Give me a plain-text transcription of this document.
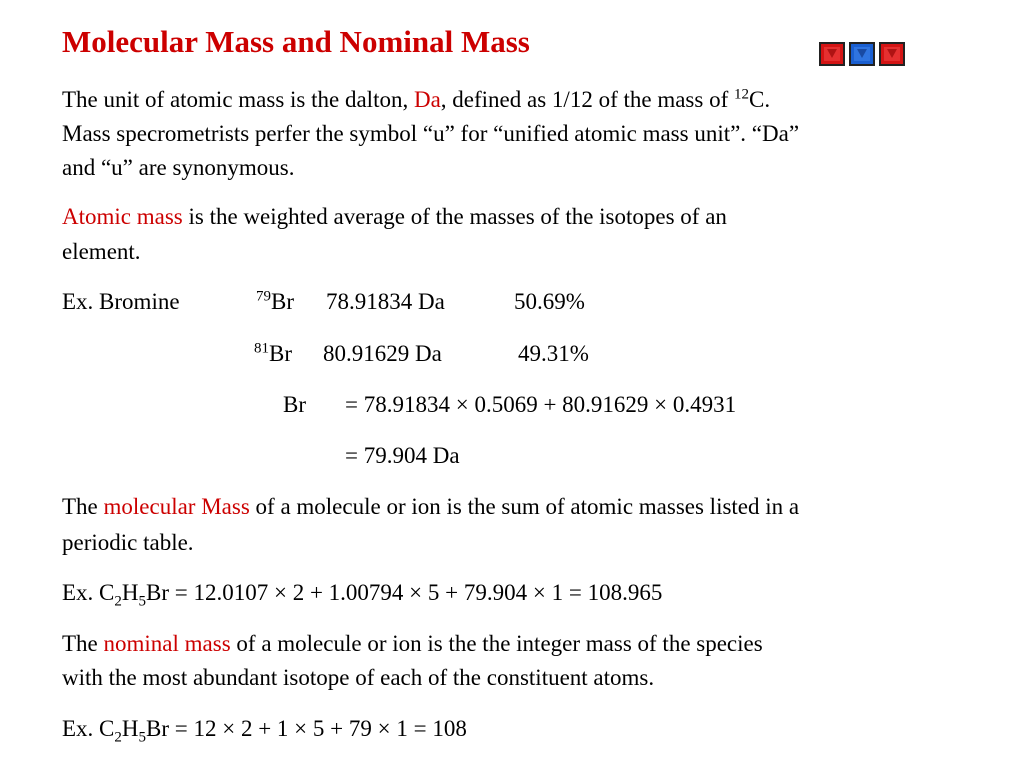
Molecular Mass and Nominal Mass
The unit of atomic mass is the dalton, Da, defined as 1/12 of the mass of $^{12}$C.
Mass specrometrists perfer the symbol “u” for “unified atomic mass unit”. “Da”
and “u” are synonymous.
Atomic mass is the weighted average of the masses of the isotopes of an
element.
Ex. Bromine	$^{79}$Br 78.91834 Da	50.69%
$^{81}$Br 80.91629 Da	49.31%
Br = 78.91834 × 0.5069 + 80.91629 × 0.4931
= 79.904 Da
The molecular Mass of a molecule or ion is the sum of atomic masses listed in a
periodic table.
Ex. $C_2H_5Br = 12.0107 \times 2 + 1.00794 \times 5 + 79.904 \times 1 = 108.965$
The nominal mass of a molecule or ion is the the integer mass of the species
with the most abundant isotope of each of the constituent atoms.
Ex. $C_2H_5Br = 12 \times 2 + 1 \times 5 + 79 \times 1 = 108$
